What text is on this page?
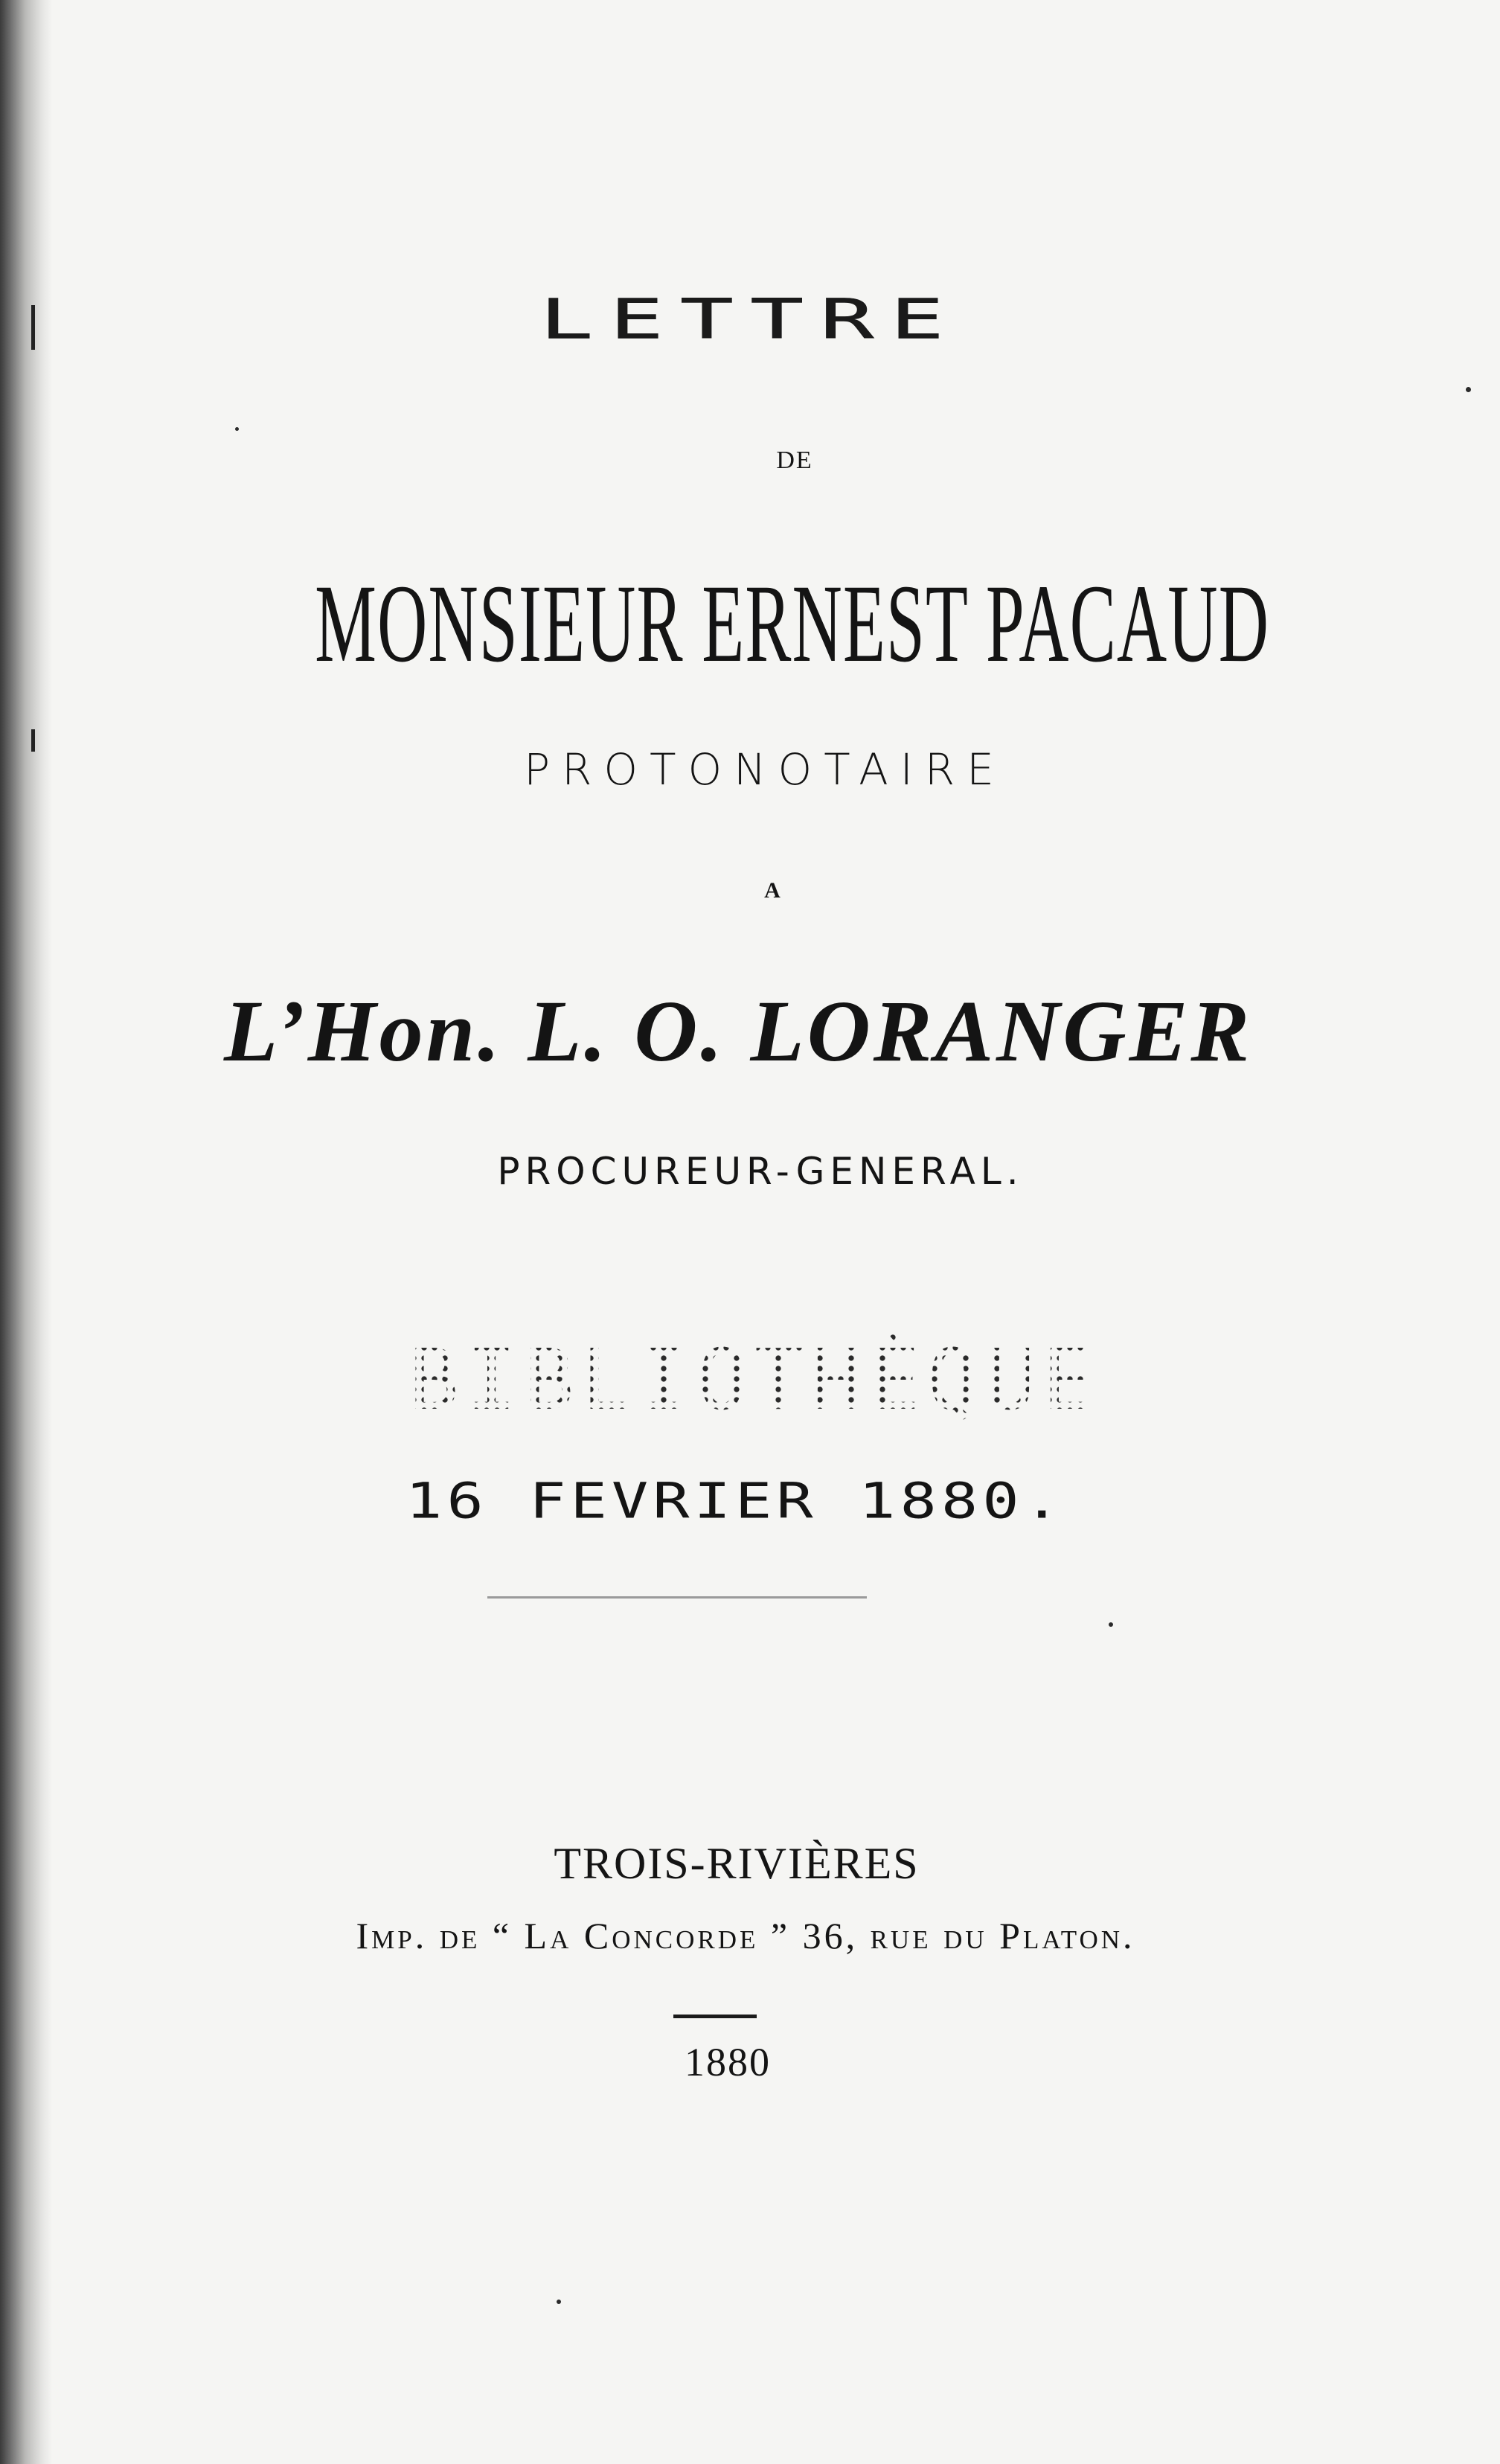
LETTRE
DE
MONSIEUR ERNEST PACAUD
PROTONOTAIRE
A
L’Hon. L. O. LORANGER
PROCUREUR-GENERAL.
BIBLIOTHÈQUE
16 FEVRIER 1880.
TROIS-RIVIÈRES
Imp. de “ La Concorde ” 36, rue du Platon.
1880
